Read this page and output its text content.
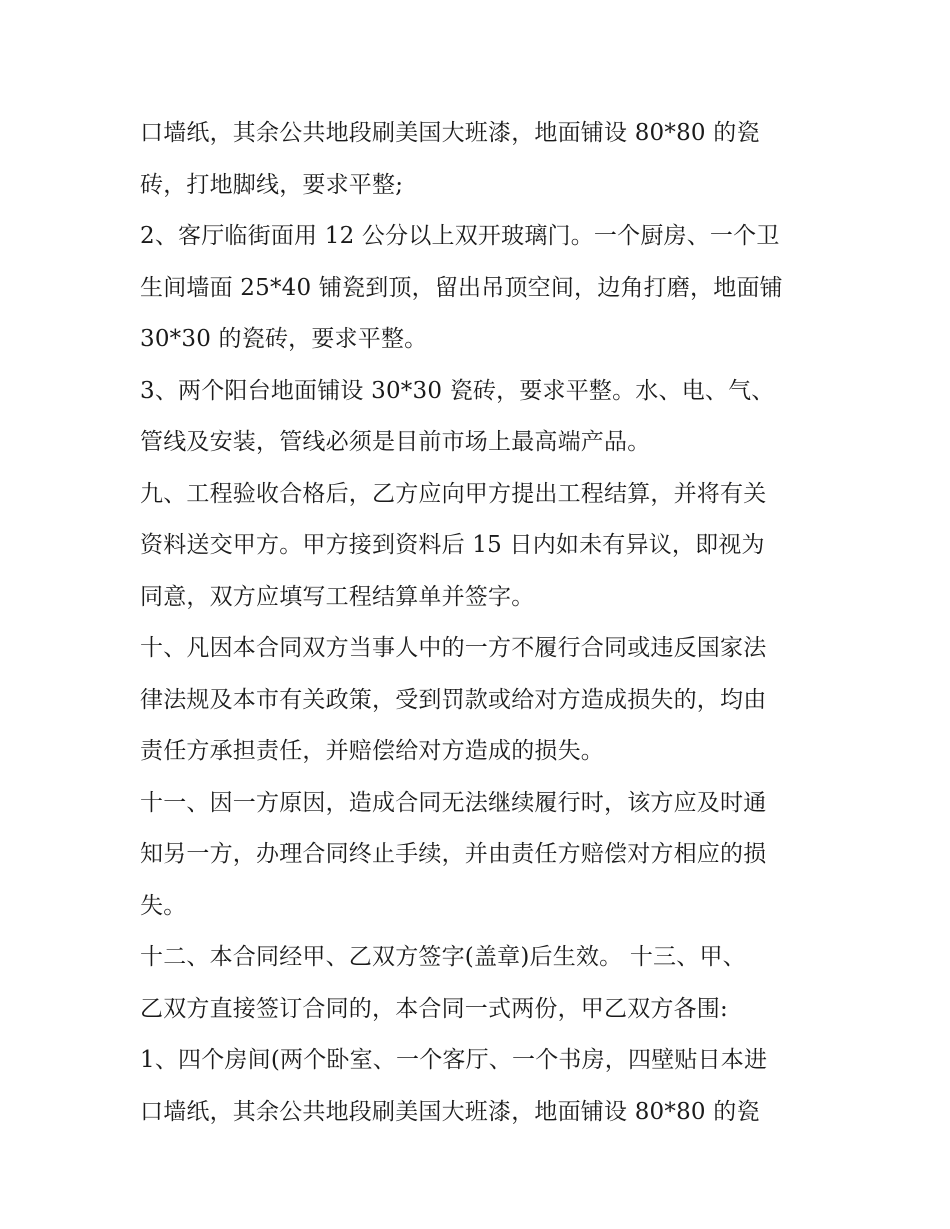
口墙纸，其余公共地段刷美国大班漆，地面铺设 80*80 的瓷
砖，打地脚线，要求平整;
2、客厅临街面用 12 公分以上双开玻璃门。一个厨房、一个卫
生间墙面 25*40 铺瓷到顶，留出吊顶空间，边角打磨，地面铺
30*30 的瓷砖，要求平整。
3、两个阳台地面铺设 30*30 瓷砖，要求平整。水、电、气、
管线及安装，管线必须是目前市场上最高端产品。
九、工程验收合格后，乙方应向甲方提出工程结算，并将有关
资料送交甲方。甲方接到资料后 15 日内如未有异议，即视为
同意，双方应填写工程结算单并签字。
十、凡因本合同双方当事人中的一方不履行合同或违反国家法
律法规及本市有关政策，受到罚款或给对方造成损失的，均由
责任方承担责任，并赔偿给对方造成的损失。
十一、因一方原因，造成合同无法继续履行时，该方应及时通
知另一方，办理合同终止手续，并由责任方赔偿对方相应的损
失。
十二、本合同经甲、乙双方签字(盖章)后生效。 十三、甲、
乙双方直接签订合同的，本合同一式两份，甲乙双方各围:
1、四个房间(两个卧室、一个客厅、一个书房，四壁贴日本进
口墙纸，其余公共地段刷美国大班漆，地面铺设 80*80 的瓷
